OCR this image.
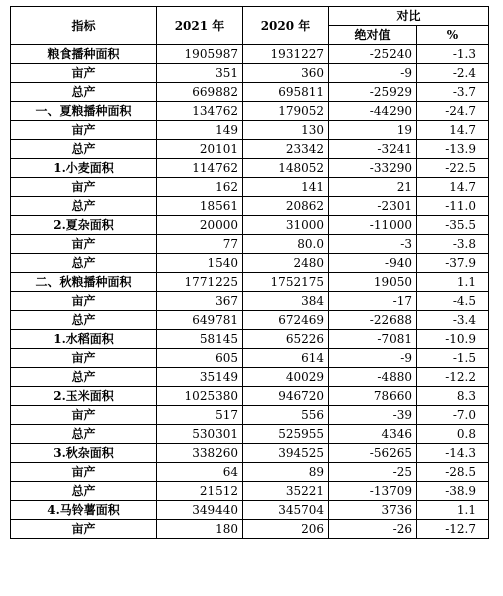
指标	2021 年	2020 年	对比	
			绝对值	%
粮食播种面积	1905987	1931227	-25240	-1.3
亩产	351	360	-9	-2.4
总产	669882	695811	-25929	-3.7
一、夏粮播种面积	134762	179052	-44290	-24.7
亩产	149	130	19	14.7
总产	20101	23342	-3241	-13.9
1.小麦面积	114762	148052	-33290	-22.5
亩产	162	141	21	14.7
总产	18561	20862	-2301	-11.0
2.夏杂面积	20000	31000	-11000	-35.5
亩产	77	80.0	-3	-3.8
总产	1540	2480	-940	-37.9
二、秋粮播种面积	1771225	1752175	19050	1.1
亩产	367	384	-17	-4.5
总产	649781	672469	-22688	-3.4
1.水稻面积	58145	65226	-7081	-10.9
亩产	605	614	-9	-1.5
总产	35149	40029	-4880	-12.2
2.玉米面积	1025380	946720	78660	8.3
亩产	517	556	-39	-7.0
总产	530301	525955	4346	0.8
3.秋杂面积	338260	394525	-56265	-14.3
亩产	64	89	-25	-28.5
总产	21512	35221	-13709	-38.9
4.马铃薯面积	349440	345704	3736	1.1
亩产	180	206	-26	-12.7
